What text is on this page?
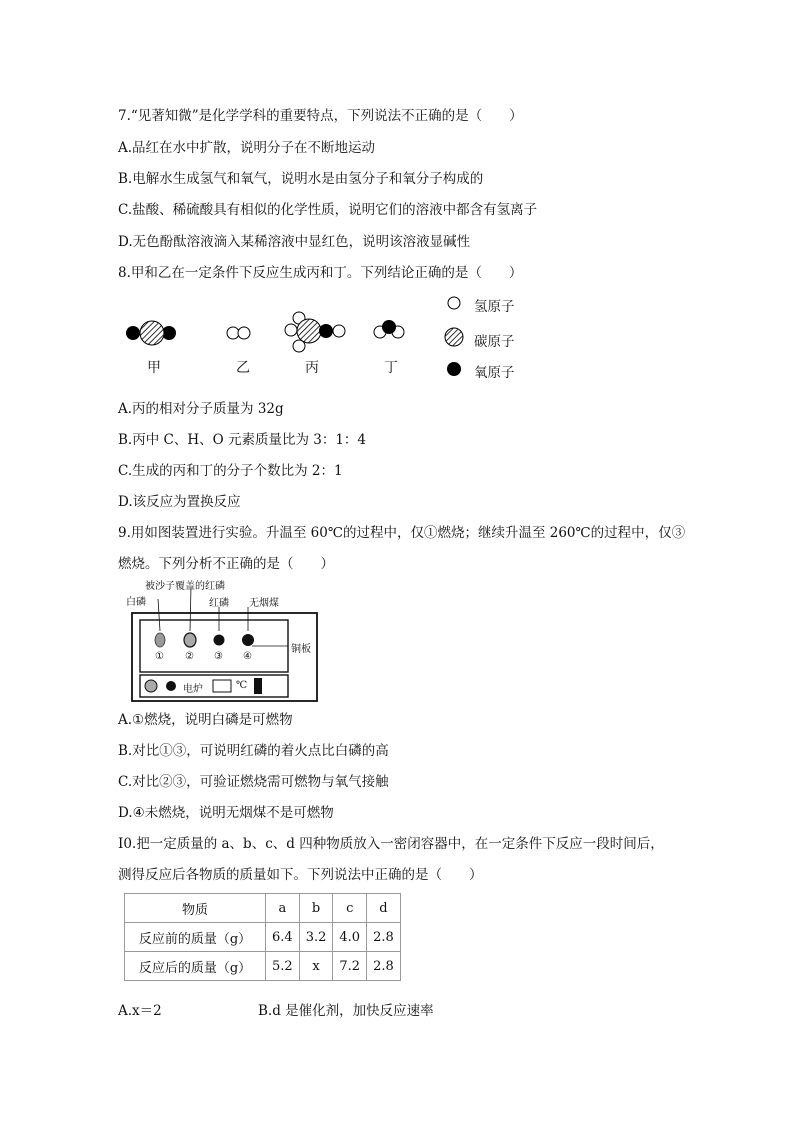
7.“见著知微”是化学学科的重要特点，下列说法不正确的是（　　）
A.品红在水中扩散，说明分子在不断地运动
B.电解水生成氢气和氧气，说明水是由氢分子和氧分子构成的
C.盐酸、稀硫酸具有相似的化学性质，说明它们的溶液中都含有氢离子
D.无色酚酞溶液滴入某稀溶液中显红色，说明该溶液显碱性
8.甲和乙在一定条件下反应生成丙和丁。下列结论正确的是（　　）
甲	乙	丙	丁
氢原子
碳原子
氧原子
A.丙的相对分子质量为 32g
B.丙中 C、H、O 元素质量比为 3：1：4
C.生成的丙和丁的分子个数比为 2：1
D.该反应为置换反应
9.用如图装置进行实验。升温至 60℃的过程中，仅①燃烧；继续升温至 260℃的过程中，仅③
燃烧。下列分析不正确的是（　　）
被沙子覆盖的红磷
白磷	红磷 无烟煤
铜板
① ② ③ ④
电炉	℃
A.①燃烧，说明白磷是可燃物
B.对比①③，可说明红磷的着火点比白磷的高
C.对比②③，可验证燃烧需可燃物与氧气接触
D.④未燃烧，说明无烟煤不是可燃物
I0.把一定质量的 a、b、c、d 四种物质放入一密闭容器中，在一定条件下反应一段时间后，
测得反应后各物质的质量如下。下列说法中正确的是（　　）
物质	a	b	c	d
反应前的质量（g）	6.4	3.2	4.0	2.8
反应后的质量（g）	5.2	x	7.2	2.8
A.x＝2	B.d 是催化剂，加快反应速率
